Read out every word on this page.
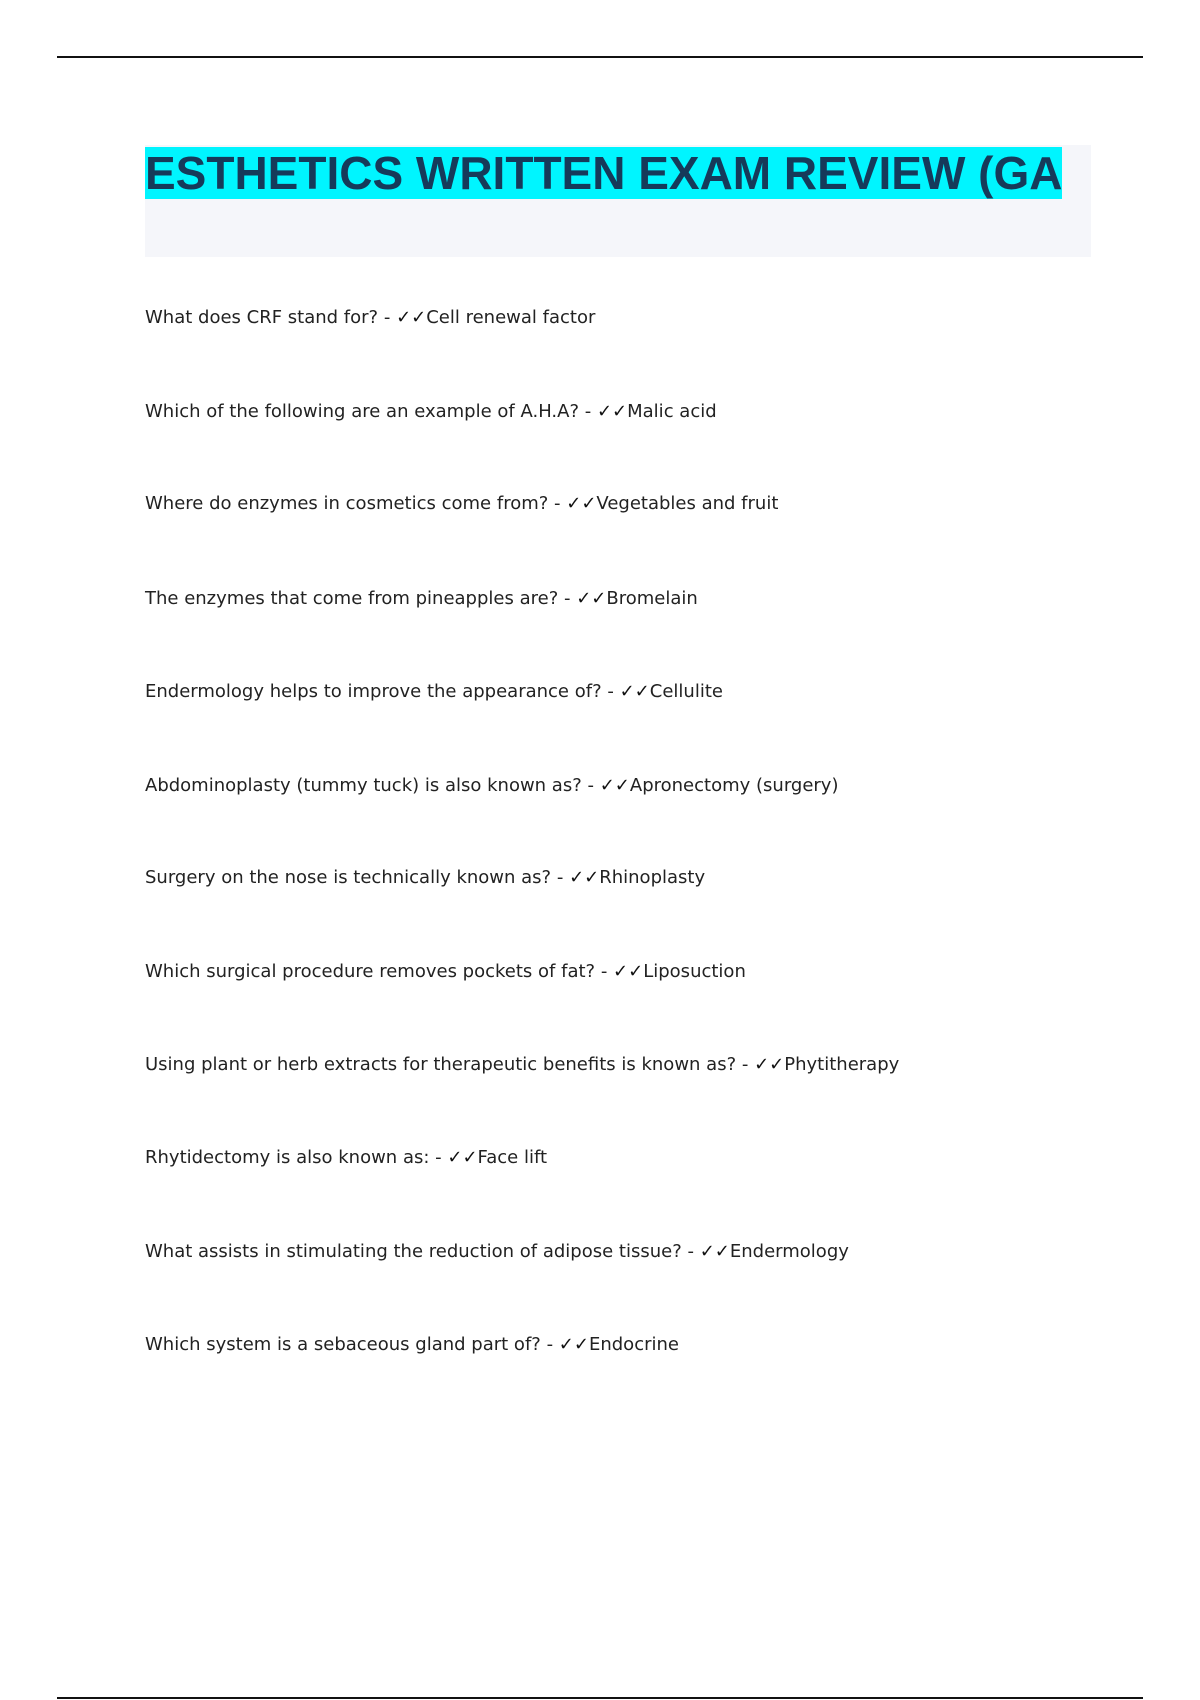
ESTHETICS WRITTEN EXAM REVIEW (GA
What does CRF stand for? - ✓✓Cell renewal factor
Which of the following are an example of A.H.A? - ✓✓Malic acid
Where do enzymes in cosmetics come from? - ✓✓Vegetables and fruit
The enzymes that come from pineapples are? - ✓✓Bromelain
Endermology helps to improve the appearance of? - ✓✓Cellulite
Abdominoplasty (tummy tuck) is also known as? - ✓✓Apronectomy (surgery)
Surgery on the nose is technically known as? - ✓✓Rhinoplasty
Which surgical procedure removes pockets of fat? - ✓✓Liposuction
Using plant or herb extracts for therapeutic benefits is known as? - ✓✓Phytitherapy
Rhytidectomy is also known as: - ✓✓Face lift
What assists in stimulating the reduction of adipose tissue? - ✓✓Endermology
Which system is a sebaceous gland part of? - ✓✓Endocrine
